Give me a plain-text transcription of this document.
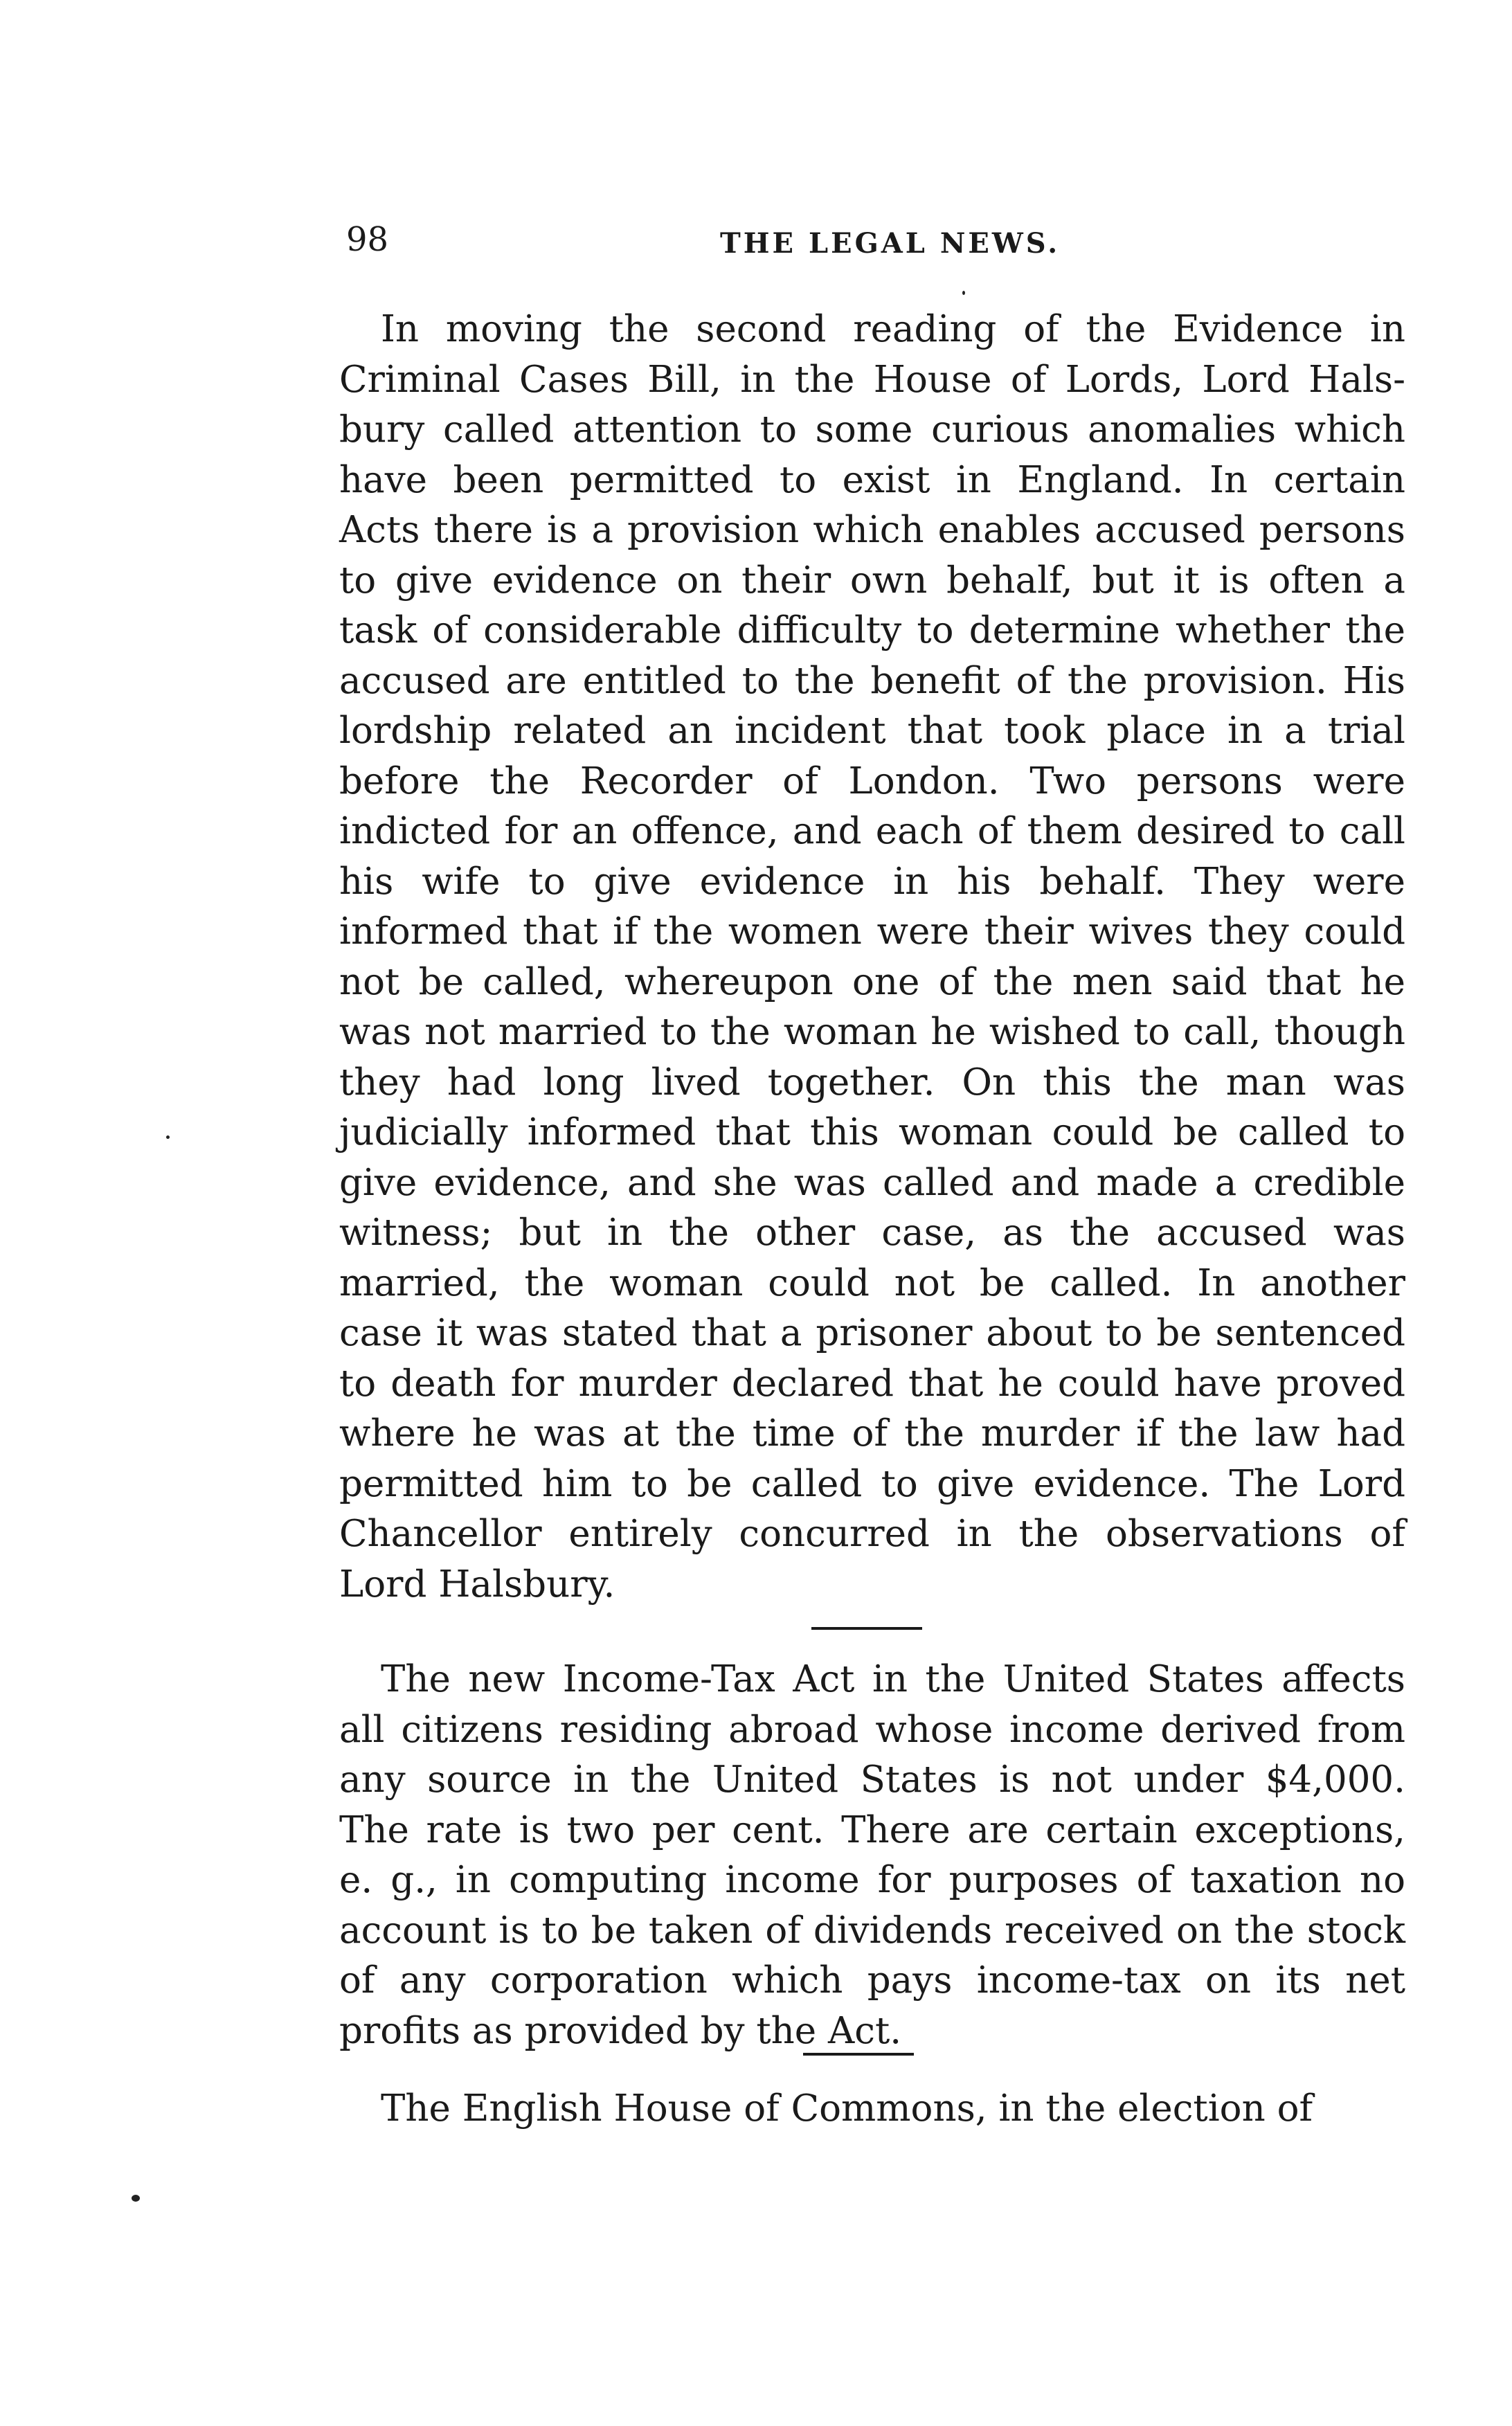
98	THE LEGAL NEWS.

In moving the second reading of the Evidence in
Criminal Cases Bill, in the House of Lords, Lord Hals-
bury called attention to some curious anomalies which
have been permitted to exist in England. In certain
Acts there is a provision which enables accused persons
to give evidence on their own behalf, but it is often a
task of considerable difficulty to determine whether the
accused are entitled to the benefit of the provision. His
lordship related an incident that took place in a trial
before the Recorder of London. Two persons were
indicted for an offence, and each of them desired to call
his wife to give evidence in his behalf. They were
informed that if the women were their wives they could
not be called, whereupon one of the men said that he
was not married to the woman he wished to call, though
they had long lived together. On this the man was
judicially informed that this woman could be called to
give evidence, and she was called and made a credible
witness; but in the other case, as the accused was
married, the woman could not be called. In another
case it was stated that a prisoner about to be sentenced
to death for murder declared that he could have proved
where he was at the time of the murder if the law had
permitted him to be called to give evidence. The Lord
Chancellor entirely concurred in the observations of
Lord Halsbury.

The new Income-Tax Act in the United States affects
all citizens residing abroad whose income derived from
any source in the United States is not under $4,000.
The rate is two per cent. There are certain exceptions,
e. g., in computing income for purposes of taxation no
account is to be taken of dividends received on the stock
of any corporation which pays income-tax on its net
profits as provided by the Act.

The English House of Commons, in the election of
